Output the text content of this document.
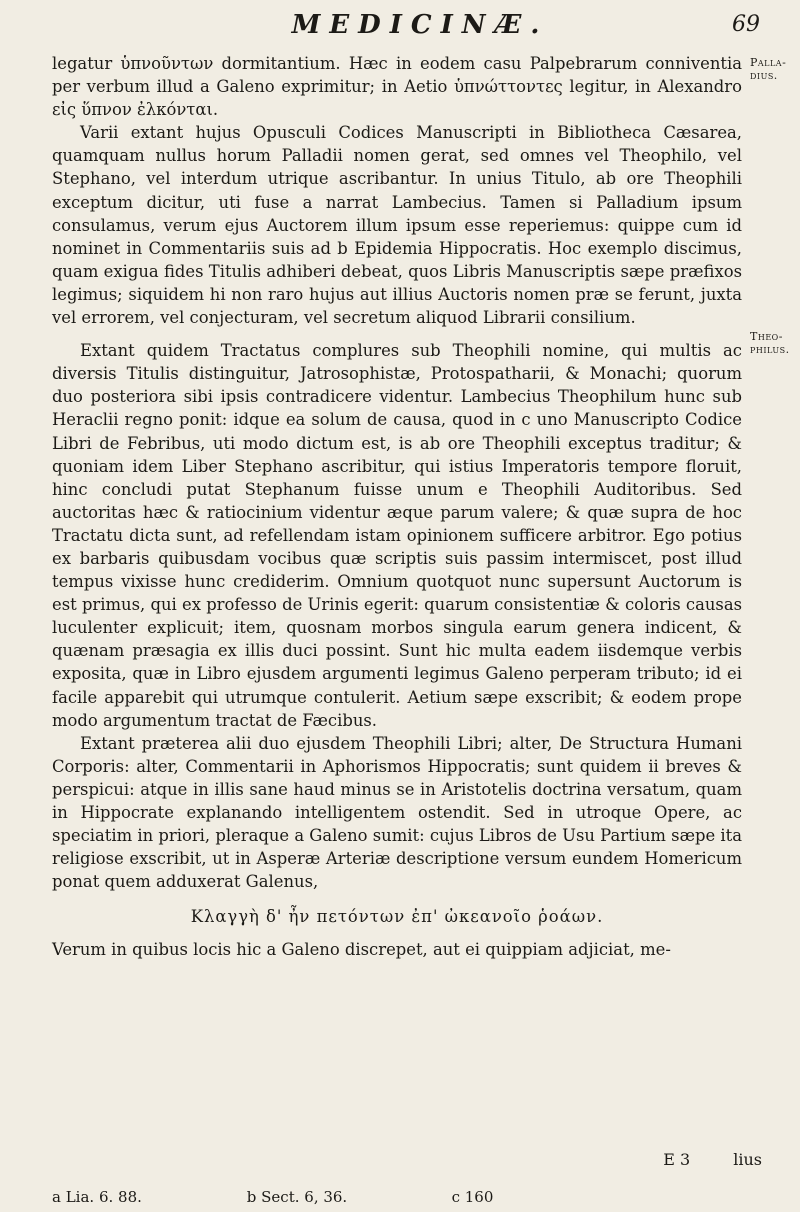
MEDICINÆ.	69
Palla-dius.
Theo-philus.

legatur ὑπνοῦντων dormitantium. Hæc in eodem casu Palpebrarum conniventia per verbum illud a Galeno exprimitur; in Aetio ὑπνώττοντες legitur, in Alexandro εἰς ὕπνον ἐλκόνται.

Varii extant hujus Opusculi Codices Manuscripti in Bibliotheca Cæsarea, quamquam nullus horum Palladii nomen gerat, sed omnes vel Theophilo, vel Stephano, vel interdum utrique ascribantur. In unius Titulo, ab ore Theophili exceptum dicitur, uti fuse a narrat Lambecius. Tamen si Palladium ipsum consulamus, verum ejus Auctorem illum ipsum esse reperiemus: quippe cum id nominet in Commentariis suis ad b Epidemia Hippocratis. Hoc exemplo discimus, quam exigua fides Titulis adhiberi debeat, quos Libris Manuscriptis sæpe præfixos legimus; siquidem hi non raro hujus aut illius Auctoris nomen præ se ferunt, juxta vel errorem, vel conjecturam, vel secretum aliquod Librarii consilium.

Extant quidem Tractatus complures sub Theophili nomine, qui multis ac diversis Titulis distinguitur, Jatrosophistæ, Protospatharii, & Monachi; quorum duo posteriora sibi ipsis contradicere videntur. Lambecius Theophilum hunc sub Heraclii regno ponit: idque ea solum de causa, quod in c uno Manuscripto Codice Libri de Febribus, uti modo dictum est, is ab ore Theophili exceptus traditur; & quoniam idem Liber Stephano ascribitur, qui istius Imperatoris tempore floruit, hinc concludi putat Stephanum fuisse unum e Theophili Auditoribus. Sed auctoritas hæc & ratiocinium videntur æque parum valere; & quæ supra de hoc Tractatu dicta sunt, ad refellendam istam opinionem sufficere arbitror. Ego potius ex barbaris quibusdam vocibus quæ scriptis suis passim intermiscet, post illud tempus vixisse hunc crediderim. Omnium quotquot nunc supersunt Auctorum is est primus, qui ex professo de Urinis egerit: quarum consistentiæ & coloris causas luculenter explicuit; item, quosnam morbos singula earum genera indicent, & quænam præsagia ex illis duci possint. Sunt hic multa eadem iisdemque verbis exposita, quæ in Libro ejusdem argumenti legimus Galeno perperam tributo; id ei facile apparebit qui utrumque contulerit. Aetium sæpe exscribit; & eodem prope modo argumentum tractat de Fæcibus.

Extant præterea alii duo ejusdem Theophili Libri; alter, De Structura Humani Corporis: alter, Commentarii in Aphorismos Hippocratis; sunt quidem ii breves & perspicui: atque in illis sane haud minus se in Aristotelis doctrina versatum, quam in Hippocrate explanando intelligentem ostendit. Sed in utroque Opere, ac speciatim in priori, pleraque a Galeno sumit: cujus Libros de Usu Partium sæpe ita religiose exscribit, ut in Asperæ Arteriæ descriptione versum eundem Homericum ponat quem adduxerat Galenus,

Κλαγγὴ δ' ἦν πετόντων ἐπ' ὠκεανοῖο ῥοάων.

Verum in quibus locis hic a Galeno discrepet, aut ei quippiam adjiciat, me-

E 3	lius
a Lia. 6. 88.	b Sect. 6, 36.	c 160
